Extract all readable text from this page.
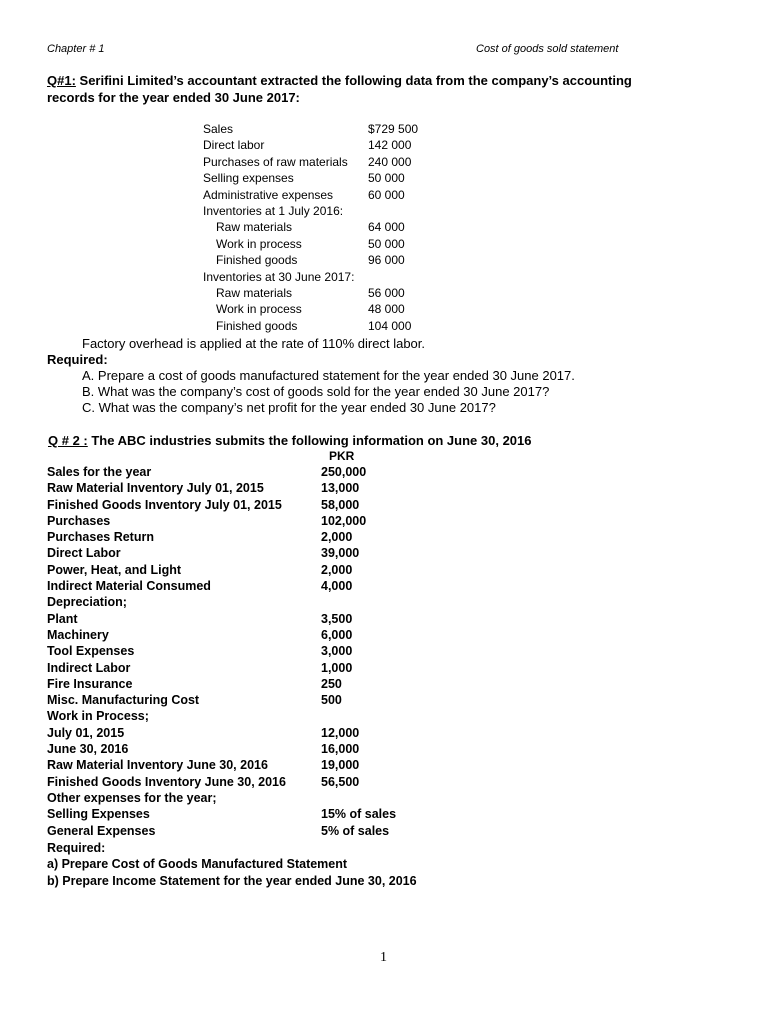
Chapter # 1	Cost of goods sold statement
Q#1: Serifini Limited’s accountant extracted the following data from the company’s accounting records for the year ended 30 June 2017:
Sales	$729 500
Direct labor	142 000
Purchases of raw materials 240 000
Selling expenses	50 000
Administrative expenses	60 000
Inventories at 1 July 2016:
Raw materials	64 000
Work in process	50 000
Finished goods	96 000
Inventories at 30 June 2017:
Raw materials	56 000
Work in process	48 000
Finished goods	104 000
Factory overhead is applied at the rate of 110% direct labor.
Required:
A. Prepare a cost of goods manufactured statement for the year ended 30 June 2017.
B. What was the company’s cost of goods sold for the year ended 30 June 2017?
C. What was the company’s net profit for the year ended 30 June 2017?
Q # 2 : The ABC industries submits the following information on June 30, 2016
PKR
Sales for the year	250,000
Raw Material Inventory July 01, 2015	13,000
Finished Goods Inventory July 01, 2015	58,000
Purchases	102,000
Purchases Return	2,000
Direct Labor	39,000
Power, Heat, and Light	2,000
Indirect Material Consumed	4,000
Depreciation;
Plant	3,500
Machinery	6,000
Tool Expenses	3,000
Indirect Labor	1,000
Fire Insurance	250
Misc. Manufacturing Cost	500
Work in Process;
July 01, 2015	12,000
June 30, 2016	16,000
Raw Material Inventory June 30, 2016	19,000
Finished Goods Inventory June 30, 2016	56,500
Other expenses for the year;
Selling Expenses	15% of sales
General Expenses	5% of sales
Required:
a) Prepare Cost of Goods Manufactured Statement
b) Prepare Income Statement for the year ended June 30, 2016
1
